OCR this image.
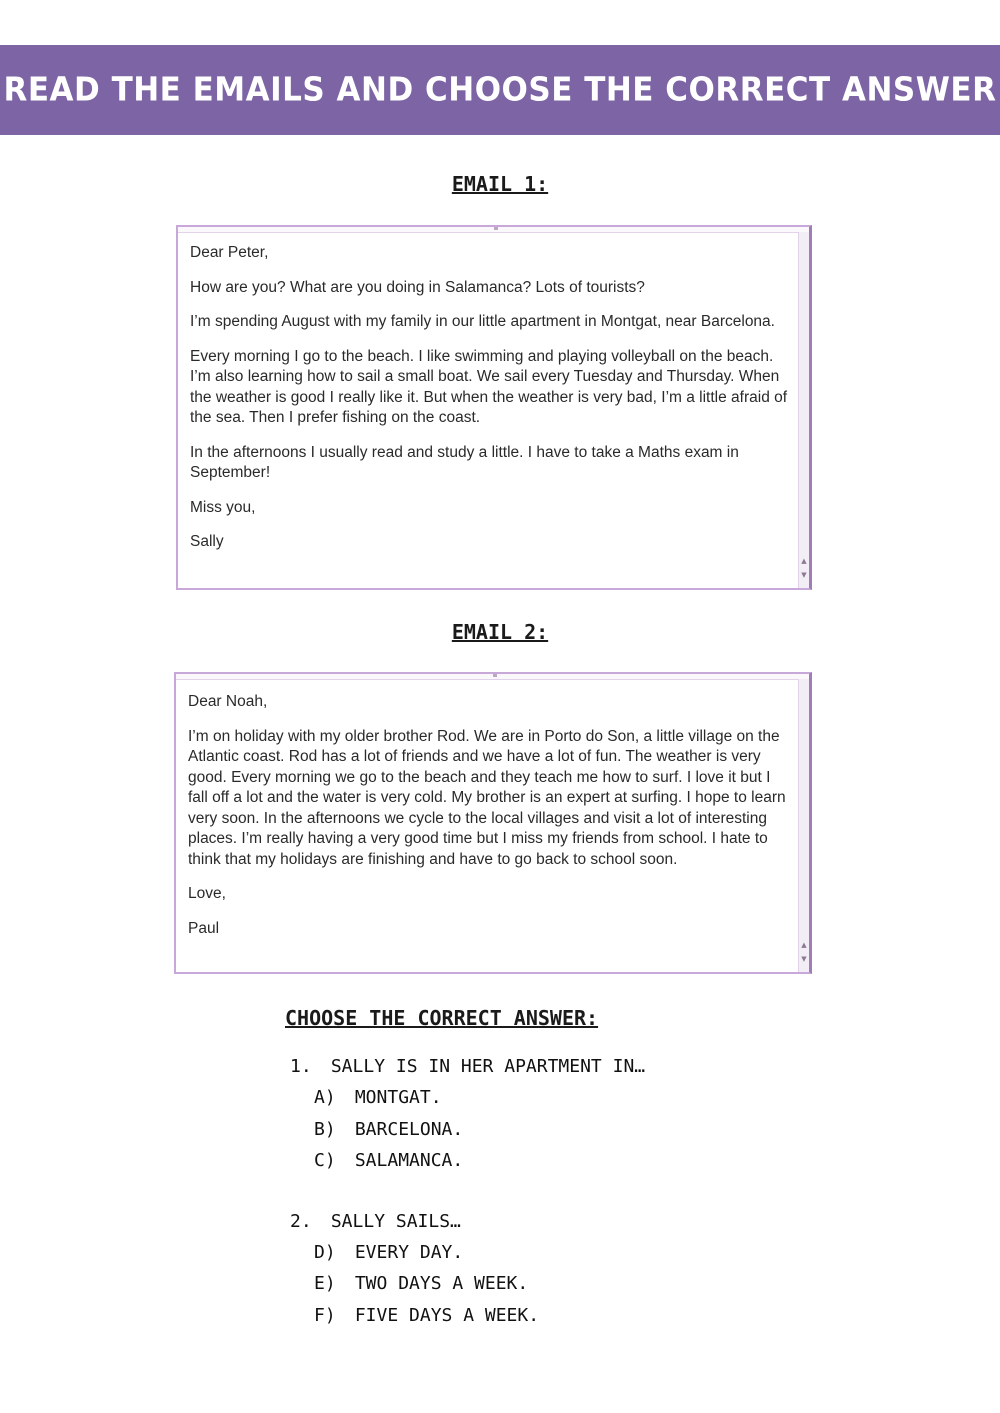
READ THE EMAILS AND CHOOSE THE CORRECT ANSWER
EMAIL 1:
▲
▼

Dear Peter,

How are you? What are you doing in Salamanca? Lots of tourists?

I’m spending August with my family in our little apartment in Montgat, near Barcelona.

Every morning I go to the beach. I like swimming and playing volleyball on the beach. I’m also learning how to sail a small boat. We sail every Tuesday and Thursday. When the weather is good I really like it. But when the weather is very bad, I’m a little afraid of the sea. Then I prefer fishing on the coast.

In the afternoons I usually read and study a little. I have to take a Maths exam in September!

Miss you,

Sally

EMAIL 2:
▲
▼

Dear Noah,

I’m on holiday with my older brother Rod. We are in Porto do Son, a little village on the Atlantic coast. Rod has a lot of friends and we have a lot of fun. The weather is very good. Every morning we go to the beach and they teach me how to surf. I love it but I fall off a lot and the water is very cold. My brother is an expert at surfing. I hope to learn very soon. In the afternoons we cycle to the local villages and visit a lot of interesting places. I’m really having a very good time but I miss my friends from school. I hate to think that my holidays are finishing and have to go back to school soon.

Love,

Paul

CHOOSE THE CORRECT ANSWER:
1. SALLY IS IN HER APARTMENT IN…
A) MONTGAT.
B) BARCELONA.
C) SALAMANCA.
2. SALLY SAILS…
D) EVERY DAY.
E) TWO DAYS A WEEK.
F) FIVE DAYS A WEEK.
